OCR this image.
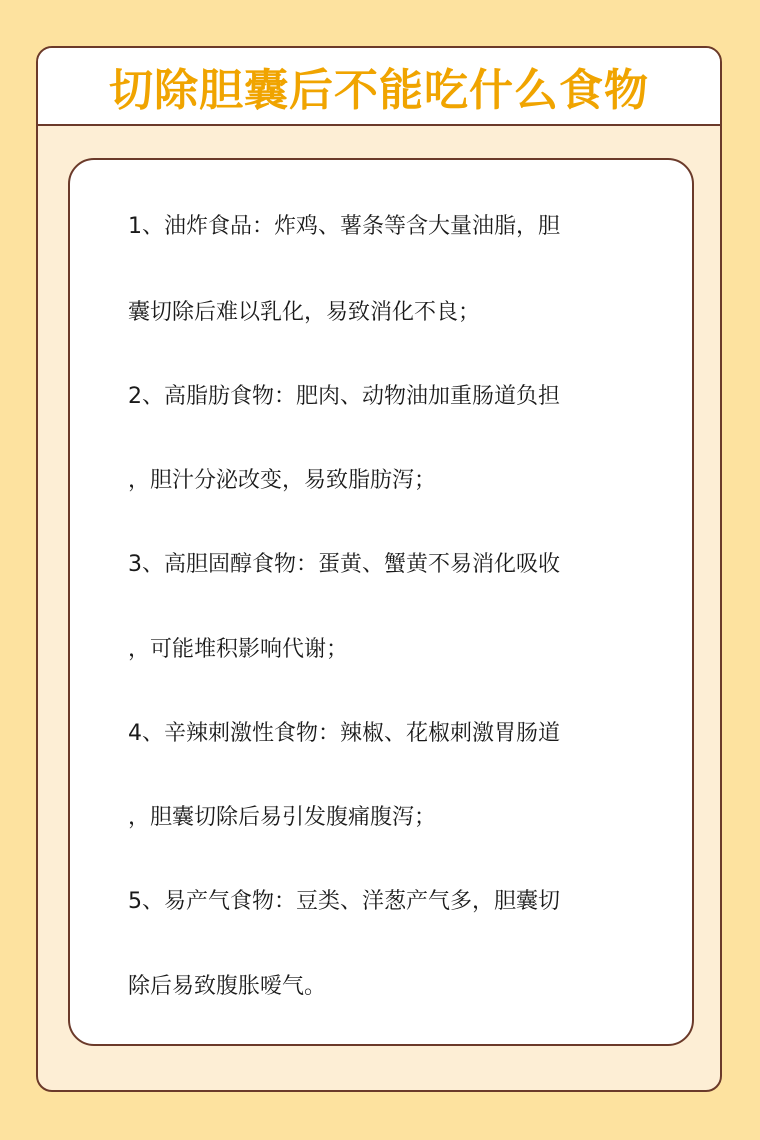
切除胆囊后不能吃什么食物
1、油炸食品：炸鸡、薯条等含大量油脂，胆
囊切除后难以乳化，易致消化不良；
2、高脂肪食物：肥肉、动物油加重肠道负担
，胆汁分泌改变，易致脂肪泻；
3、高胆固醇食物：蛋黄、蟹黄不易消化吸收
，可能堆积影响代谢；
4、辛辣刺激性食物：辣椒、花椒刺激胃肠道
，胆囊切除后易引发腹痛腹泻；
5、易产气食物：豆类、洋葱产气多，胆囊切
除后易致腹胀嗳气。
